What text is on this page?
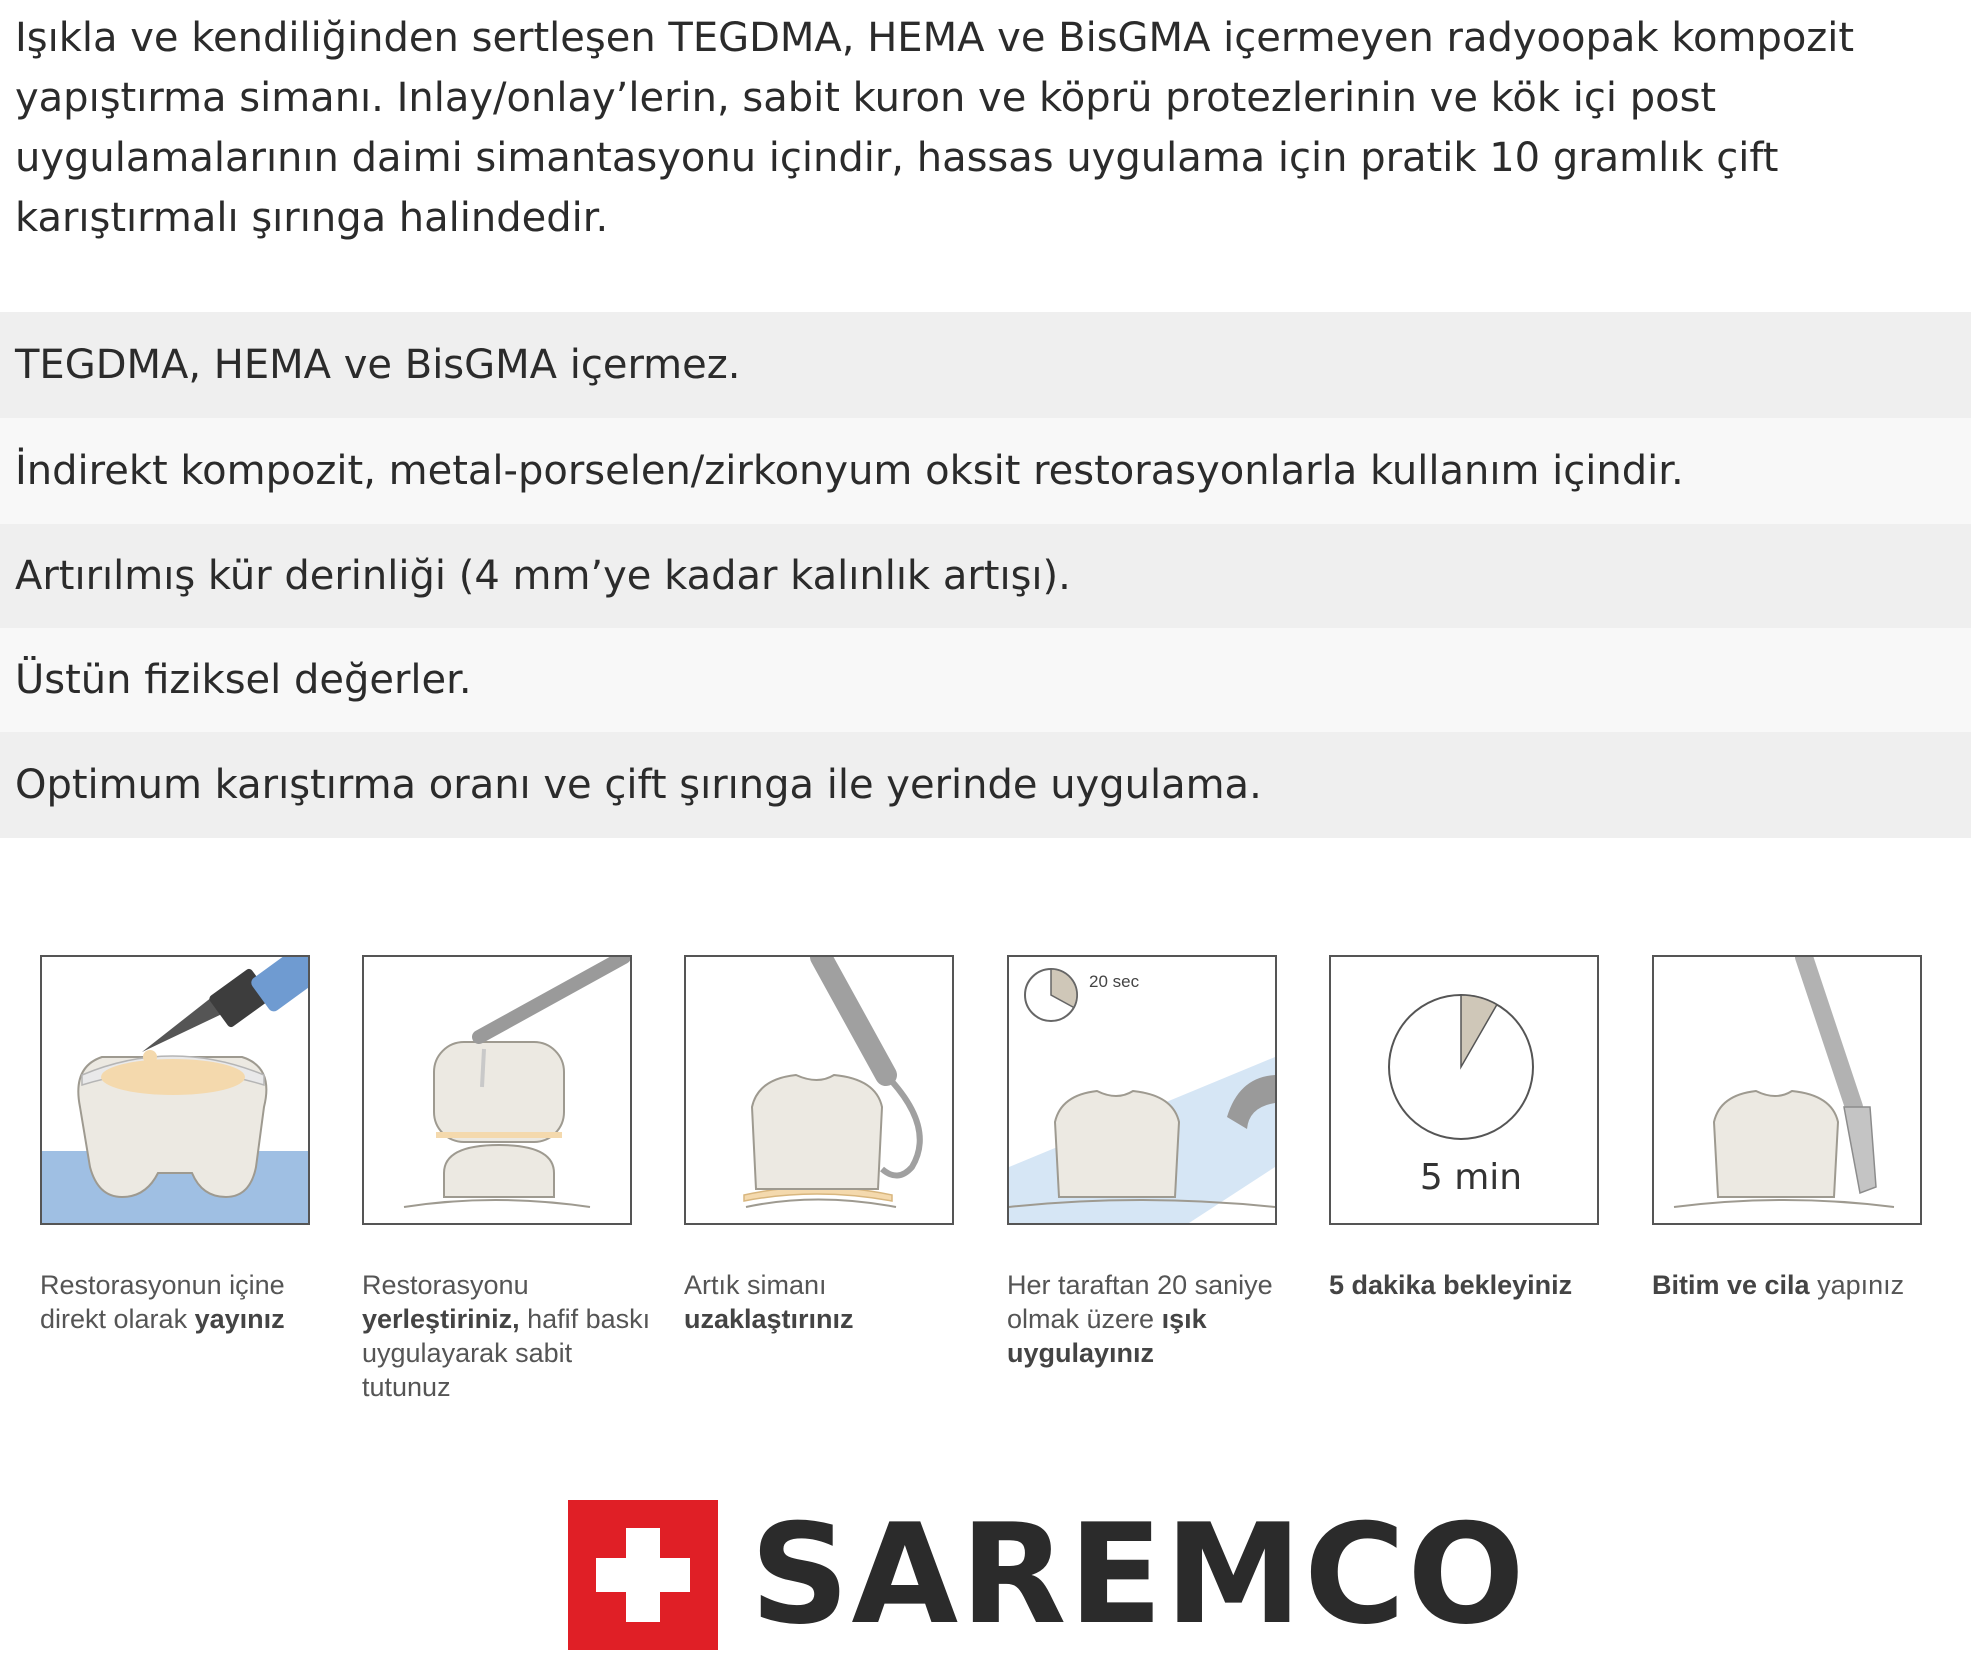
Işıkla ve kendiliğinden sertleşen TEGDMA, HEMA ve BisGMA içermeyen radyoopak kompozit yapıştırma simanı. Inlay/onlay’lerin, sabit kuron ve köprü protezlerinin ve kök içi post uygulamalarının daimi simantasyonu içindir, hassas uygulama için pratik 10 gramlık çift karıştırmalı şırınga halindedir.

TEGDMA, HEMA ve BisGMA içermez.
İndirekt kompozit, metal-porselen/zirkonyum oksit restorasyonlarla kullanım içindir.
Artırılmış kür derinliği (4 mm’ye kadar kalınlık artışı).
Üstün fiziksel değerler.
Optimum karıştırma oranı ve çift şırınga ile yerinde uygulama.
20 sec
5 min
Restorasyonun içine direkt olarak yayınız
Restorasyonu yerleştiriniz, hafif baskı uygulayarak sabit tutunuz
Artık simanı uzaklaştırınız
Her taraftan 20 saniye olmak üzere ışık uygulayınız
5 dakika bekleyiniz	Bitim ve cila yapınız
SAREMCO
